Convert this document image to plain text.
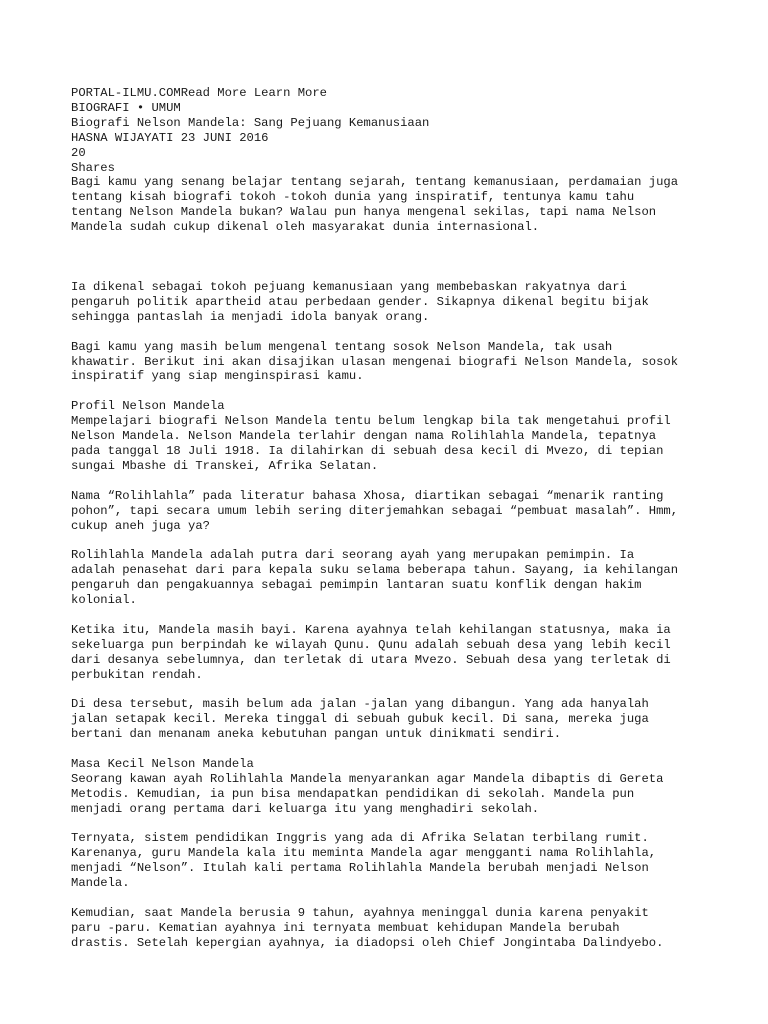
PORTAL-ILMU.COMRead More Learn More
BIOGRAFI • UMUM
Biografi Nelson Mandela: Sang Pejuang Kemanusiaan
HASNA WIJAYATI 23 JUNI 2016
20
Shares
Bagi kamu yang senang belajar tentang sejarah, tentang kemanusiaan, perdamaian juga
tentang kisah biografi tokoh -tokoh dunia yang inspiratif, tentunya kamu tahu
tentang Nelson Mandela bukan? Walau pun hanya mengenal sekilas, tapi nama Nelson
Mandela sudah cukup dikenal oleh masyarakat dunia internasional.
Ia dikenal sebagai tokoh pejuang kemanusiaan yang membebaskan rakyatnya dari
pengaruh politik apartheid atau perbedaan gender. Sikapnya dikenal begitu bijak
sehingga pantaslah ia menjadi idola banyak orang.
Bagi kamu yang masih belum mengenal tentang sosok Nelson Mandela, tak usah
khawatir. Berikut ini akan disajikan ulasan mengenai biografi Nelson Mandela, sosok
inspiratif yang siap menginspirasi kamu.
Profil Nelson Mandela
Mempelajari biografi Nelson Mandela tentu belum lengkap bila tak mengetahui profil
Nelson Mandela. Nelson Mandela terlahir dengan nama Rolihlahla Mandela, tepatnya
pada tanggal 18 Juli 1918. Ia dilahirkan di sebuah desa kecil di Mvezo, di tepian
sungai Mbashe di Transkei, Afrika Selatan.
Nama “Rolihlahla” pada literatur bahasa Xhosa, diartikan sebagai “menarik ranting
pohon”, tapi secara umum lebih sering diterjemahkan sebagai “pembuat masalah”. Hmm,
cukup aneh juga ya?
Rolihlahla Mandela adalah putra dari seorang ayah yang merupakan pemimpin. Ia
adalah penasehat dari para kepala suku selama beberapa tahun. Sayang, ia kehilangan
pengaruh dan pengakuannya sebagai pemimpin lantaran suatu konflik dengan hakim
kolonial.
Ketika itu, Mandela masih bayi. Karena ayahnya telah kehilangan statusnya, maka ia
sekeluarga pun berpindah ke wilayah Qunu. Qunu adalah sebuah desa yang lebih kecil
dari desanya sebelumnya, dan terletak di utara Mvezo. Sebuah desa yang terletak di
perbukitan rendah.
Di desa tersebut, masih belum ada jalan -jalan yang dibangun. Yang ada hanyalah
jalan setapak kecil. Mereka tinggal di sebuah gubuk kecil. Di sana, mereka juga
bertani dan menanam aneka kebutuhan pangan untuk dinikmati sendiri.
Masa Kecil Nelson Mandela
Seorang kawan ayah Rolihlahla Mandela menyarankan agar Mandela dibaptis di Gereta
Metodis. Kemudian, ia pun bisa mendapatkan pendidikan di sekolah. Mandela pun
menjadi orang pertama dari keluarga itu yang menghadiri sekolah.
Ternyata, sistem pendidikan Inggris yang ada di Afrika Selatan terbilang rumit.
Karenanya, guru Mandela kala itu meminta Mandela agar mengganti nama Rolihlahla,
menjadi “Nelson”. Itulah kali pertama Rolihlahla Mandela berubah menjadi Nelson
Mandela.
Kemudian, saat Mandela berusia 9 tahun, ayahnya meninggal dunia karena penyakit
paru -paru. Kematian ayahnya ini ternyata membuat kehidupan Mandela berubah
drastis. Setelah kepergian ayahnya, ia diadopsi oleh Chief Jongintaba Dalindyebo.
